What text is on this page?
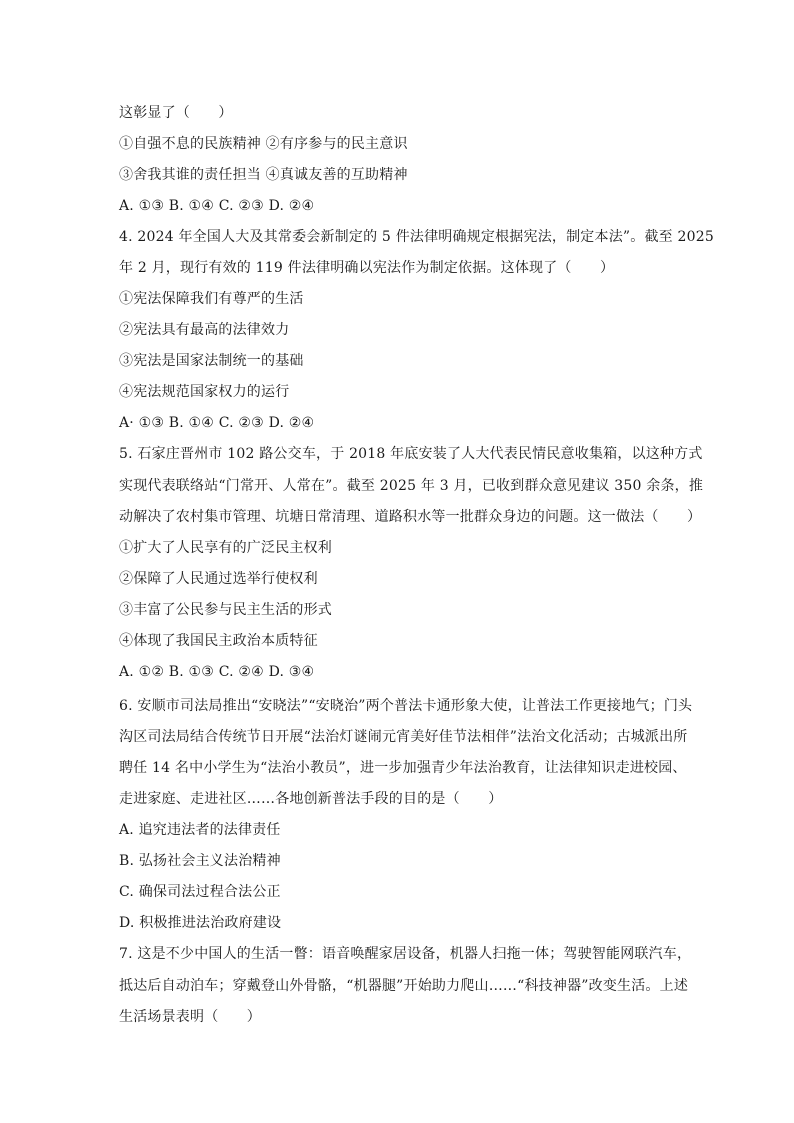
这彰显了（　　）
①自强不息的民族精神 ②有序参与的民主意识
③舍我其谁的责任担当 ④真诚友善的互助精神
A. ①③ B. ①④ C. ②③ D. ②④
4. 2024 年全国人大及其常委会新制定的 5 件法律明确规定根据宪法，制定本法”。截至 2025
年 2 月，现行有效的 119 件法律明确以宪法作为制定依据。这体现了（　　）
①宪法保障我们有尊严的生活
②宪法具有最高的法律效力
③宪法是国家法制统一的基础
④宪法规范国家权力的运行
A· ①③ B. ①④ C. ②③ D. ②④
5. 石家庄晋州市 102 路公交车，于 2018 年底安装了人大代表民情民意收集箱，以这种方式
实现代表联络站“门常开、人常在”。截至 2025 年 3 月，已收到群众意见建议 350 余条，推
动解决了农村集市管理、坑塘日常清理、道路积水等一批群众身边的问题。这一做法（　　）
①扩大了人民享有的广泛民主权利
②保障了人民通过选举行使权利
③丰富了公民参与民主生活的形式
④体现了我国民主政治本质特征
A. ①② B. ①③ C. ②④ D. ③④
6. 安顺市司法局推出“安晓法”“安晓治”两个普法卡通形象大使，让普法工作更接地气；门头
沟区司法局结合传统节日开展“法治灯谜闹元宵美好佳节法相伴”法治文化活动；古城派出所
聘任 14 名中小学生为“法治小教员”，进一步加强青少年法治教育，让法律知识走进校园、
走进家庭、走进社区……各地创新普法手段的目的是（　　）
A. 追究违法者的法律责任
B. 弘扬社会主义法治精神
C. 确保司法过程合法公正
D. 积极推进法治政府建设
7. 这是不少中国人的生活一瞥：语音唤醒家居设备，机器人扫拖一体；驾驶智能网联汽车，
抵达后自动泊车；穿戴登山外骨骼，“机器腿”开始助力爬山……“科技神器”改变生活。上述
生活场景表明（　　）
